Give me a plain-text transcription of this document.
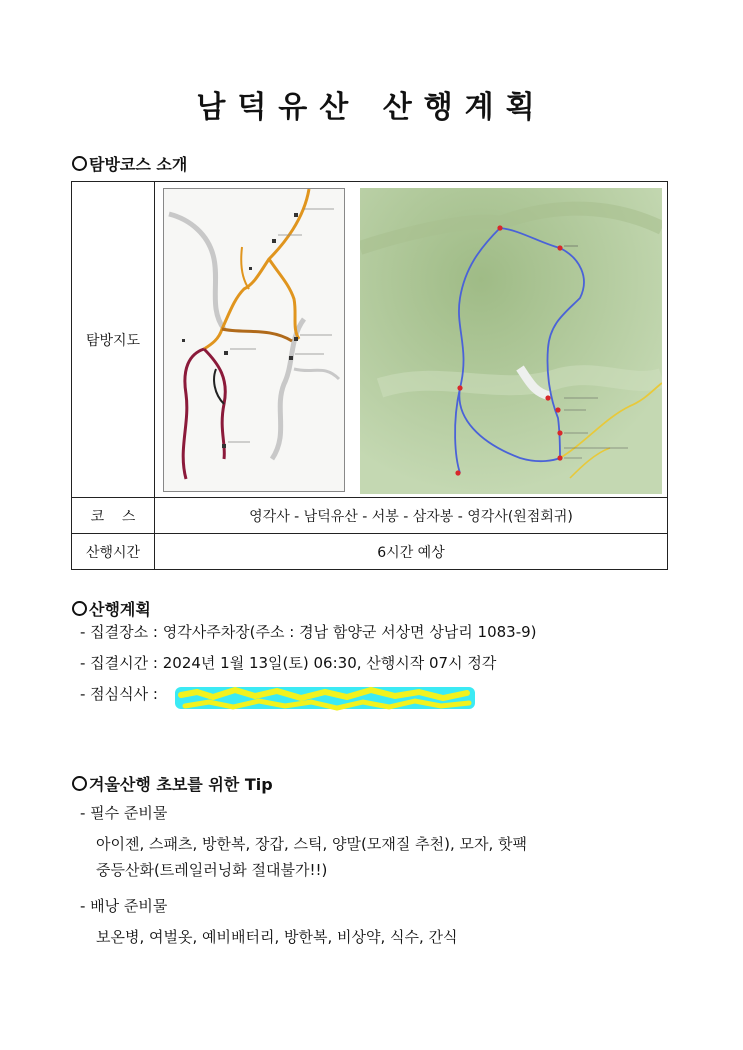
남덕유산 산행계획
탐방코스 소개
탐방지도	

코    스	영각사 - 남덕유산 - 서봉 - 삼자봉 - 영각사(원점회귀)
산행시간	6시간 예상
산행계획
- 집결장소 : 영각사주차장(주소 : 경남 함양군 서상면 상남리 1083-9)
- 집결시간 : 2024년 1월 13일(토) 06:30, 산행시작 07시 정각
- 점심식사 :
겨울산행 초보를 위한 Tip
- 필수 준비물
아이젠, 스패츠, 방한복, 장갑, 스틱, 양말(모재질 추천), 모자, 핫팩
중등산화(트레일러닝화 절대불가!!)
- 배낭 준비물
보온병, 여벌옷, 예비배터리, 방한복, 비상약, 식수, 간식
